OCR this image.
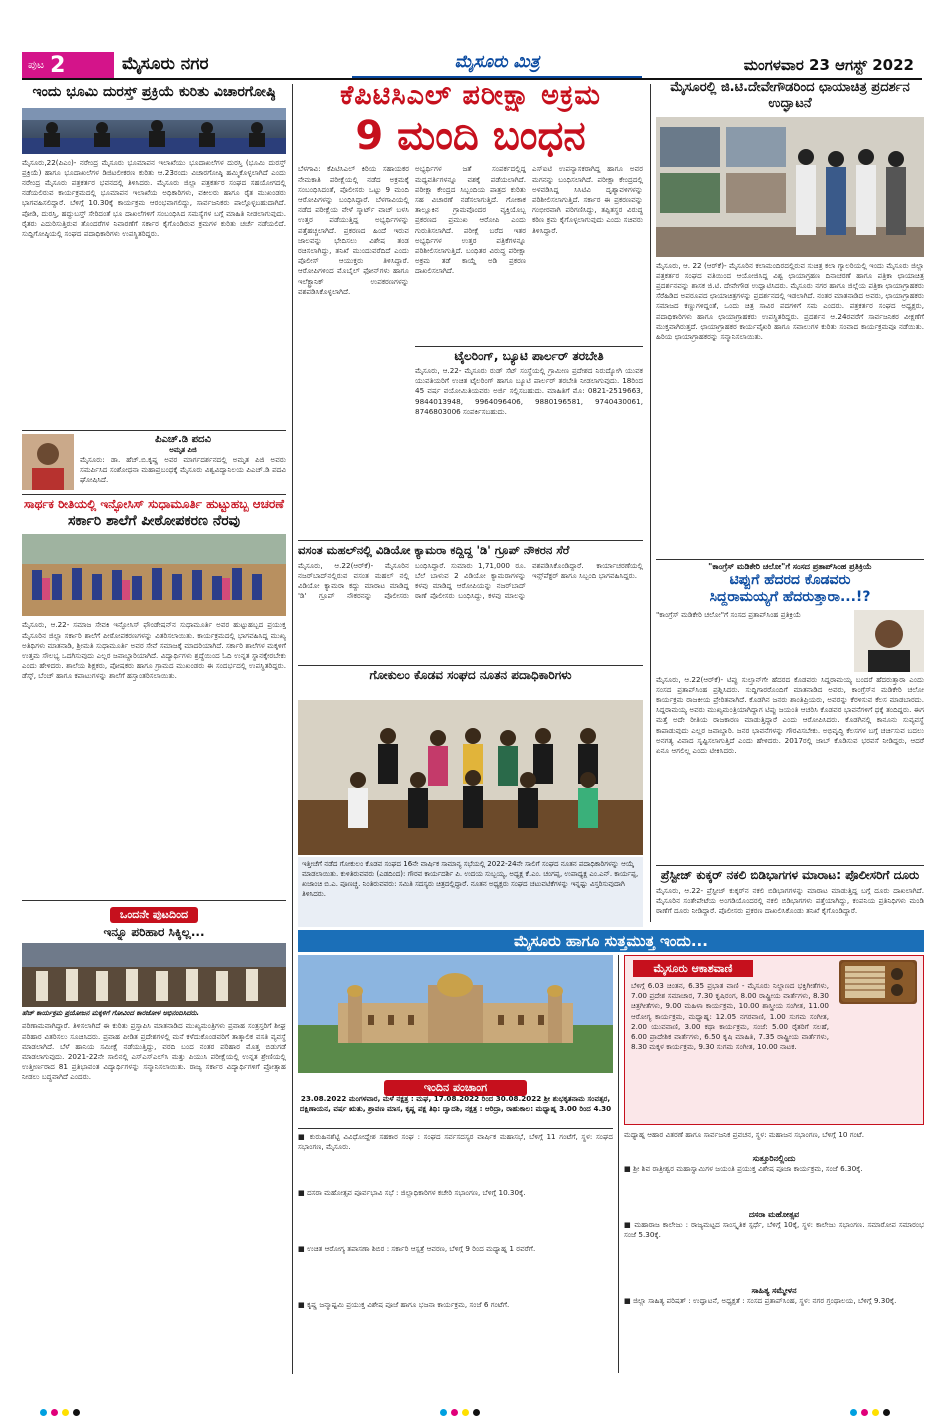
ಪುಟ 2	ಮೈಸೂರು ನಗರ	ಮೈಸೂರು ಮಿತ್ರ	ಮಂಗಳವಾರ 23 ಆಗಸ್ಟ್ 2022
ಇಂದು ಭೂಮಿ ದುರಸ್ತ್ ಪ್ರಕ್ರಿಯೆ ಕುರಿತು ವಿಚಾರಗೋಷ್ಠಿ
ಮೈಸೂರು,22(ಪಿಎಂ)- ನರೇಂದ್ರ ಮೈಸೂರು ಭೂಮಾಪನ ಇಲಾಖೆಯು ಭೂದಾಖಲೆಗಳ ದುರಸ್ತಿ (ಭೂಮಿ ದುರಸ್ತ್ ಪ್ರಕ್ರಿಯೆ) ಹಾಗೂ ಭೂದಾಖಲೆಗಳ ಡಿಜಿಟಲೀಕರಣ ಕುರಿತು ಆ.23ರಂದು ವಿಚಾರಗೋಷ್ಠಿ ಹಮ್ಮಿಕೊಳ್ಳಲಾಗಿದೆ ಎಂದು ನರೇಂದ್ರ ಮೈಸೂರು ಪತ್ರಕರ್ತರ ಭವನದಲ್ಲಿ ತಿಳಿಸಿದರು. ಮೈಸೂರು ಜಿಲ್ಲಾ ಪತ್ರಕರ್ತರ ಸಂಘದ ಸಹಯೋಗದಲ್ಲಿ ನಡೆಯಲಿರುವ ಕಾರ್ಯಕ್ರಮದಲ್ಲಿ ಭೂಮಾಪನ ಇಲಾಖೆಯ ಅಧಿಕಾರಿಗಳು, ವಕೀಲರು ಹಾಗೂ ರೈತ ಮುಖಂಡರು ಭಾಗವಹಿಸಲಿದ್ದಾರೆ. ಬೆಳಿಗ್ಗೆ 10.30ಕ್ಕೆ ಕಾರ್ಯಕ್ರಮ ಆರಂಭವಾಗಲಿದ್ದು, ಸಾರ್ವಜನಿಕರು ಪಾಲ್ಗೊಳ್ಳಬಹುದಾಗಿದೆ. ಪೋಡಿ, ದುರಸ್ತಿ, ಹದ್ದುಬಸ್ತ್ ಸೇರಿದಂತೆ ಭೂ ದಾಖಲೆಗಳಿಗೆ ಸಂಬಂಧಿಸಿದ ಸಮಸ್ಯೆಗಳ ಬಗ್ಗೆ ಮಾಹಿತಿ ನೀಡಲಾಗುವುದು. ರೈತರು ಎದುರಿಸುತ್ತಿರುವ ತೊಂದರೆಗಳ ನಿವಾರಣೆಗೆ ಸರ್ಕಾರ ಕೈಗೊಂಡಿರುವ ಕ್ರಮಗಳ ಕುರಿತು ಚರ್ಚೆ ನಡೆಯಲಿದೆ. ಸುದ್ದಿಗೋಷ್ಠಿಯಲ್ಲಿ ಸಂಘದ ಪದಾಧಿಕಾರಿಗಳು ಉಪಸ್ಥಿತರಿದ್ದರು.
ಪಿಎಚ್.ಡಿ ಪದವಿ
ಅಮೃತ ಪಿಜಿ
ಮೈಸೂರು: ಡಾ. ಹೆಚ್.ಬಿ.ಕೃಷ್ಣ ಅವರ ಮಾರ್ಗದರ್ಶನದಲ್ಲಿ ಅಮೃತ ಪಿಜಿ ಅವರು ಸಮರ್ಪಿಸಿದ ಸಂಶೋಧನಾ ಮಹಾಪ್ರಬಂಧಕ್ಕೆ ಮೈಸೂರು ವಿಶ್ವವಿದ್ಯಾನಿಲಯ ಪಿಎಚ್.ಡಿ ಪದವಿ ಘೋಷಿಸಿದೆ.
ಸಾರ್ಥಕ ರೀತಿಯಲ್ಲಿ ಇನ್ಫೋಸಿಸ್ ಸುಧಾಮೂರ್ತಿ ಹುಟ್ಟುಹಬ್ಬ ಆಚರಣೆ
ಸರ್ಕಾರಿ ಶಾಲೆಗೆ ಪೀಠೋಪಕರಣ ನೆರವು
ಮೈಸೂರು, ಆ.22- ಸಮಾಜ ಸೇವಕಿ ಇನ್ಫೋಸಿಸ್ ಫೌಂಡೇಷನ್‌ನ ಸುಧಾಮೂರ್ತಿ ಅವರ ಹುಟ್ಟುಹಬ್ಬದ ಪ್ರಯುಕ್ತ ಮೈಸೂರಿನ ಜಿಲ್ಲಾ ಸರ್ಕಾರಿ ಶಾಲೆಗೆ ಪೀಠೋಪಕರಣಗಳನ್ನು ವಿತರಿಸಲಾಯಿತು. ಕಾರ್ಯಕ್ರಮದಲ್ಲಿ ಭಾಗವಹಿಸಿದ್ದ ಮುಖ್ಯ ಅತಿಥಿಗಳು ಮಾತನಾಡಿ, ಶ್ರೀಮತಿ ಸುಧಾಮೂರ್ತಿ ಅವರ ಸೇವೆ ಸಮಾಜಕ್ಕೆ ಮಾದರಿಯಾಗಿದೆ. ಸರ್ಕಾರಿ ಶಾಲೆಗಳ ಮಕ್ಕಳಿಗೆ ಉತ್ತಮ ಸೌಲಭ್ಯ ಒದಗಿಸುವುದು ಎಲ್ಲರ ಜವಾಬ್ದಾರಿಯಾಗಿದೆ. ವಿದ್ಯಾರ್ಥಿಗಳು ಶ್ರದ್ಧೆಯಿಂದ ಓದಿ ಉನ್ನತ ಸ್ಥಾನಕ್ಕೇರಬೇಕು ಎಂದು ಹೇಳಿದರು. ಶಾಲೆಯ ಶಿಕ್ಷಕರು, ಪೋಷಕರು ಹಾಗೂ ಗ್ರಾಮದ ಮುಖಂಡರು ಈ ಸಂದರ್ಭದಲ್ಲಿ ಉಪಸ್ಥಿತರಿದ್ದರು. ಡೆಸ್ಕ್, ಬೆಂಚ್ ಹಾಗೂ ಕಪಾಟುಗಳನ್ನು ಶಾಲೆಗೆ ಹಸ್ತಾಂತರಿಸಲಾಯಿತು.
ಒಂದನೇ ಪುಟದಿಂದ
ಇನ್ನೂ ಪರಿಹಾರ ಸಿಕ್ಕಿಲ್ಲ...
ಹೆಚ್ ಕಾರ್ಯಕ್ರಮ ಪ್ರಯೋಜನ ಮಕ್ಕಳಿಗೆ ಗೋವಿಂದ ಕಾರಜೋಳ ಅಭಿನಂದಿಸಿದರು.
ಪರಿಣಾಮವಾಗಿದ್ದಾರೆ. ತಿಳಿಸಲಾಗಿದೆ ಈ ಕುರಿತು ಪ್ರಸ್ತಾಪಿಸಿ ಮಾತನಾಡಿದ ಮುಖ್ಯಮಂತ್ರಿಗಳು ಪ್ರವಾಹ ಸಂತ್ರಸ್ತರಿಗೆ ಶೀಘ್ರ ಪರಿಹಾರ ವಿತರಿಸಲು ಸೂಚಿಸಿದರು. ಪ್ರವಾಹ ಪೀಡಿತ ಪ್ರದೇಶಗಳಲ್ಲಿ ಮನೆ ಕಳೆದುಕೊಂಡವರಿಗೆ ತಾತ್ಕಾಲಿಕ ವಸತಿ ವ್ಯವಸ್ಥೆ ಮಾಡಲಾಗಿದೆ. ಬೆಳೆ ಹಾನಿಯ ಸಮೀಕ್ಷೆ ನಡೆಯುತ್ತಿದ್ದು, ವರದಿ ಬಂದ ನಂತರ ಪರಿಹಾರ ಮೊತ್ತ ಬಿಡುಗಡೆ ಮಾಡಲಾಗುವುದು. 2021-22ನೇ ಸಾಲಿನಲ್ಲಿ ಎಸ್‌ಎಸ್‌ಎಲ್‌ಸಿ ಮತ್ತು ಪಿಯುಸಿ ಪರೀಕ್ಷೆಯಲ್ಲಿ ಉನ್ನತ ಶ್ರೇಣಿಯಲ್ಲಿ ಉತ್ತೀರ್ಣರಾದ 81 ಪ್ರತಿಭಾವಂತ ವಿದ್ಯಾರ್ಥಿಗಳನ್ನು ಸನ್ಮಾನಿಸಲಾಯಿತು. ರಾಜ್ಯ ಸರ್ಕಾರ ವಿದ್ಯಾರ್ಥಿಗಳಿಗೆ ಪ್ರೋತ್ಸಾಹ ನೀಡಲು ಬದ್ಧವಾಗಿದೆ ಎಂದರು.
ಕೆಪಿಟಿಸಿಎಲ್ ಪರೀಕ್ಷಾ ಅಕ್ರಮ
9 ಮಂದಿ ಬಂಧನ
ಬೆಳಗಾವಿ: ಕೆಪಿಟಿಸಿಎಲ್ ಕಿರಿಯ ಸಹಾಯಕರ ನೇಮಕಾತಿ ಪರೀಕ್ಷೆಯಲ್ಲಿ ನಡೆದ ಅಕ್ರಮಕ್ಕೆ ಸಂಬಂಧಿಸಿದಂತೆ, ಪೊಲೀಸರು ಒಟ್ಟು 9 ಮಂದಿ ಆರೋಪಿಗಳನ್ನು ಬಂಧಿಸಿದ್ದಾರೆ. ಬೆಳಗಾವಿಯಲ್ಲಿ ನಡೆದ ಪರೀಕ್ಷೆಯ ವೇಳೆ ಸ್ಮಾರ್ಟ್ ವಾಚ್ ಬಳಸಿ ಉತ್ತರ ಪಡೆಯುತ್ತಿದ್ದ ಅಭ್ಯರ್ಥಿಗಳನ್ನು ಪತ್ತೆಹಚ್ಚಲಾಗಿದೆ. ಪ್ರಕರಣದ ಹಿಂದೆ ಇರುವ ಜಾಲವನ್ನು ಭೇದಿಸಲು ವಿಶೇಷ ತಂಡ ರಚಿಸಲಾಗಿದ್ದು, ತನಿಖೆ ಮುಂದುವರೆದಿದೆ ಎಂದು ಪೊಲೀಸ್ ಆಯುಕ್ತರು ತಿಳಿಸಿದ್ದಾರೆ. ಆರೋಪಿಗಳಿಂದ ಮೊಬೈಲ್ ಫೋನ್‌ಗಳು ಹಾಗೂ ಇಲೆಕ್ಟ್ರಾನಿಕ್ ಉಪಕರಣಗಳನ್ನು ವಶಪಡಿಸಿಕೊಳ್ಳಲಾಗಿದೆ.
ಅಭ್ಯರ್ಥಿಗಳ ಜತೆ ಸಂಪರ್ಕದಲ್ಲಿದ್ದ ಮಧ್ಯವರ್ತಿಗಳನ್ನೂ ವಶಕ್ಕೆ ಪಡೆಯಲಾಗಿದೆ. ಪರೀಕ್ಷಾ ಕೇಂದ್ರದ ಸಿಬ್ಬಂದಿಯ ಪಾತ್ರದ ಕುರಿತು ಸಹ ವಿಚಾರಣೆ ನಡೆಸಲಾಗುತ್ತಿದೆ. ಗೋಕಾಕ ತಾಲ್ಲೂಕಿನ ಗ್ರಾಮವೊಂದರ ವ್ಯಕ್ತಿಯೊಬ್ಬ ಪ್ರಕರಣದ ಪ್ರಮುಖ ಆರೋಪಿ ಎಂದು ಗುರುತಿಸಲಾಗಿದೆ. ಪರೀಕ್ಷೆ ಬರೆದ ಇತರ ಅಭ್ಯರ್ಥಿಗಳ ಉತ್ತರ ಪತ್ರಿಕೆಗಳನ್ನೂ ಪರಿಶೀಲಿಸಲಾಗುತ್ತಿದೆ. ಬಂಧಿತರ ವಿರುದ್ಧ ಪರೀಕ್ಷಾ ಅಕ್ರಮ ತಡೆ ಕಾಯ್ದೆ ಅಡಿ ಪ್ರಕರಣ ದಾಖಲಿಸಲಾಗಿದೆ.
ಎಸ್‌ಐಟಿ ಉಪನ್ಯಾಸಕರಾಗಿದ್ದ ಹಾಗೂ ಅವರ ಮಗನನ್ನು ಬಂಧಿಸಲಾಗಿದೆ. ಪರೀಕ್ಷಾ ಕೇಂದ್ರದಲ್ಲಿ ಅಳವಡಿಸಿದ್ದ ಸಿಸಿಟಿವಿ ದೃಶ್ಯಾವಳಿಗಳನ್ನು ಪರಿಶೀಲಿಸಲಾಗುತ್ತಿದೆ. ಸರ್ಕಾರ ಈ ಪ್ರಕರಣವನ್ನು ಗಂಭೀರವಾಗಿ ಪರಿಗಣಿಸಿದ್ದು, ತಪ್ಪಿತಸ್ಥರ ವಿರುದ್ಧ ಕಠಿಣ ಕ್ರಮ ಕೈಗೊಳ್ಳಲಾಗುವುದು ಎಂದು ಸಚಿವರು ತಿಳಿಸಿದ್ದಾರೆ.
ಟೈಲರಿಂಗ್, ಬ್ಯೂಟಿ ಪಾರ್ಲರ್ ತರಬೇತಿ
ಮೈಸೂರು, ಆ.22- ಮೈಸೂರು ರುಡ್ ಸೆಟ್ ಸಂಸ್ಥೆಯಲ್ಲಿ ಗ್ರಾಮೀಣ ಪ್ರದೇಶದ ನಿರುದ್ಯೋಗಿ ಯುವಕ ಯುವತಿಯರಿಗೆ ಉಚಿತ ಟೈಲರಿಂಗ್ ಹಾಗೂ ಬ್ಯೂಟಿ ಪಾರ್ಲರ್ ತರಬೇತಿ ನೀಡಲಾಗುವುದು. 18ರಿಂದ 45 ವರ್ಷ ವಯೋಮಿತಿಯವರು ಅರ್ಜಿ ಸಲ್ಲಿಸಬಹುದು. ಮಾಹಿತಿಗೆ ಮೊ: 0821-2519663, 9844013948, 9964096406, 9880196581, 9740430061, 8746803006 ಸಂಪರ್ಕಿಸಬಹುದು.
ವಸಂತ ಮಹಲ್‌ನಲ್ಲಿ ವಿಡಿಯೋ ಕ್ಯಾಮರಾ ಕದ್ದಿದ್ದ 'ಡಿ' ಗ್ರೂಪ್ ನೌಕರನ ಸೆರೆ
ಮೈಸೂರು, ಆ.22(ಆರ್‌ಕೆ)- ಮೈಸೂರಿನ ನಜರ್‌ಬಾದ್‌ನಲ್ಲಿರುವ ವಸಂತ ಮಹಲ್ ನಲ್ಲಿ ವಿಡಿಯೋ ಕ್ಯಾಮರಾ ಕದ್ದು ಮಾರಾಟ ಮಾಡಿದ್ದ 'ಡಿ' ಗ್ರೂಪ್ ನೌಕರನನ್ನು ಪೊಲೀಸರು ಬಂಧಿಸಿದ್ದಾರೆ. ಸುಮಾರು 1,71,000 ರೂ. ಬೆಲೆ ಬಾಳುವ 2 ವಿಡಿಯೋ ಕ್ಯಾಮರಾಗಳನ್ನು ಕಳವು ಮಾಡಿದ್ದ ಆರೋಪಿಯನ್ನು ನಜರ್‌ಬಾದ್ ಠಾಣೆ ಪೊಲೀಸರು ಬಂಧಿಸಿದ್ದು, ಕಳವು ಮಾಲನ್ನು ವಶಪಡಿಸಿಕೊಂಡಿದ್ದಾರೆ. ಕಾರ್ಯಾಚರಣೆಯಲ್ಲಿ ಇನ್ಸ್‌ಪೆಕ್ಟರ್ ಹಾಗೂ ಸಿಬ್ಬಂದಿ ಭಾಗವಹಿಸಿದ್ದರು.
ಗೋಕುಲಂ ಕೊಡವ ಸಂಘದ ನೂತನ ಪದಾಧಿಕಾರಿಗಳು
ಇತ್ತೀಚೆಗೆ ನಡೆದ ಗೋಕುಲಂ ಕೊಡವ ಸಂಘದ 16ನೇ ವಾರ್ಷಿಕ ಸಾಮಾನ್ಯ ಸಭೆಯಲ್ಲಿ 2022-24ನೇ ಸಾಲಿಗೆ ಸಂಘದ ನೂತನ ಪದಾಧಿಕಾರಿಗಳನ್ನು ಆಯ್ಕೆ ಮಾಡಲಾಯಿತು. ಕುಳಿತಿರುವವರು (ಎಡದಿಂದ): ಗೌರವ ಕಾರ್ಯದರ್ಶಿ ಪಿ. ಉದಯ ಸುಬ್ಬಯ್ಯ, ಅಧ್ಯಕ್ಷ ಕೆ.ಎಂ. ಚಂಗಪ್ಪ, ಉಪಾಧ್ಯಕ್ಷ ಎಂ.ಎನ್. ಕಾರ್ಯಪ್ಪ, ಖಜಾಂಚಿ ಬಿ.ಎ. ಪೂಣಚ್ಚ. ನಿಂತಿರುವವರು: ಸಮಿತಿ ಸದಸ್ಯರು ಚಿತ್ರದಲ್ಲಿದ್ದಾರೆ. ನೂತನ ಅಧ್ಯಕ್ಷರು ಸಂಘದ ಚಟುವಟಿಕೆಗಳನ್ನು ಇನ್ನಷ್ಟು ವಿಸ್ತರಿಸುವುದಾಗಿ ತಿಳಿಸಿದರು.
ಮೈಸೂರಲ್ಲಿ ಜಿ.ಟಿ.ದೇವೇಗೌಡರಿಂದ ಛಾಯಾಚಿತ್ರ ಪ್ರದರ್ಶನ ಉದ್ಘಾಟನೆ
ಮೈಸೂರು, ಆ. 22 (ಆರ್‌ಕೆ)- ಮೈಸೂರಿನ ಕಲಾಮಂದಿರದಲ್ಲಿರುವ ಸುಚಿತ್ರ ಕಲಾ ಗ್ಯಾಲರಿಯಲ್ಲಿ ಇಂದು ಮೈಸೂರು ಜಿಲ್ಲಾ ಪತ್ರಕರ್ತರ ಸಂಘದ ವತಿಯಿಂದ ಆಯೋಜಿಸಿದ್ದ ವಿಶ್ವ ಛಾಯಾಗ್ರಹಣ ದಿನಾಚರಣೆ ಹಾಗೂ ಪತ್ರಿಕಾ ಛಾಯಾಚಿತ್ರ ಪ್ರದರ್ಶನವನ್ನು ಶಾಸಕ ಜಿ.ಟಿ. ದೇವೇಗೌಡ ಉದ್ಘಾಟಿಸಿದರು. ಮೈಸೂರು ನಗರ ಹಾಗೂ ಜಿಲ್ಲೆಯ ಪತ್ರಿಕಾ ಛಾಯಾಗ್ರಾಹಕರು ಸೆರೆಹಿಡಿದ ಅಪರೂಪದ ಛಾಯಾಚಿತ್ರಗಳನ್ನು ಪ್ರದರ್ಶನದಲ್ಲಿ ಇಡಲಾಗಿದೆ. ನಂತರ ಮಾತನಾಡಿದ ಅವರು, ಛಾಯಾಗ್ರಾಹಕರು ಸಮಾಜದ ಕಣ್ಣುಗಳಿದ್ದಂತೆ, ಒಂದು ಚಿತ್ರ ಸಾವಿರ ಪದಗಳಿಗೆ ಸಮ ಎಂದರು. ಪತ್ರಕರ್ತರ ಸಂಘದ ಅಧ್ಯಕ್ಷರು, ಪದಾಧಿಕಾರಿಗಳು ಹಾಗೂ ಛಾಯಾಗ್ರಾಹಕರು ಉಪಸ್ಥಿತರಿದ್ದರು. ಪ್ರದರ್ಶನ ಆ.24ರವರೆಗೆ ಸಾರ್ವಜನಿಕರ ವೀಕ್ಷಣೆಗೆ ಮುಕ್ತವಾಗಿರುತ್ತದೆ. ಛಾಯಾಗ್ರಾಹಕರ ಕಾರ್ಯವೈಖರಿ ಹಾಗೂ ಸವಾಲುಗಳ ಕುರಿತು ಸಂವಾದ ಕಾರ್ಯಕ್ರಮವೂ ನಡೆಯಿತು. ಹಿರಿಯ ಛಾಯಾಗ್ರಾಹಕರನ್ನು ಸನ್ಮಾನಿಸಲಾಯಿತು.
"ಕಾಂಗ್ರೆಸ್ ಮಡಿಕೇರಿ ಚಲೋ"ಗೆ ಸಂಸದ ಪ್ರತಾಪ್‌ಸಿಂಹ ಪ್ರತಿಕ್ರಿಯೆ
ಟಿಪ್ಪುಗೆ ಹೆದರದ ಕೊಡವರು
ಸಿದ್ದರಾಮಯ್ಯಗೆ ಹೆದರುತ್ತಾರಾ...!?
"ಕಾಂಗ್ರೆಸ್ ಮಡಿಕೇರಿ ಚಲೋ"ಗೆ ಸಂಸದ ಪ್ರತಾಪ್‌ಸಿಂಹ ಪ್ರತಿಕ್ರಿಯೆ
ಮೈಸೂರು, ಆ.22(ಆರ್‌ಕೆ)- ಟಿಪ್ಪು ಸುಲ್ತಾನ್‌ಗೇ ಹೆದರದ ಕೊಡವರು ಸಿದ್ದರಾಮಯ್ಯ ಬಂದರೆ ಹೆದರುತ್ತಾರಾ ಎಂದು ಸಂಸದ ಪ್ರತಾಪ್‌ಸಿಂಹ ಪ್ರಶ್ನಿಸಿದರು. ಸುದ್ದಿಗಾರರೊಂದಿಗೆ ಮಾತನಾಡಿದ ಅವರು, ಕಾಂಗ್ರೆಸ್‌ನ ಮಡಿಕೇರಿ ಚಲೋ ಕಾರ್ಯಕ್ರಮ ರಾಜಕೀಯ ಪ್ರೇರಿತವಾಗಿದೆ. ಕೊಡಗಿನ ಜನರು ಶಾಂತಿಪ್ರಿಯರು, ಅವರನ್ನು ಕೆರಳಿಸುವ ಕೆಲಸ ಮಾಡಬಾರದು. ಸಿದ್ದರಾಮಯ್ಯ ಅವರು ಮುಖ್ಯಮಂತ್ರಿಯಾಗಿದ್ದಾಗ ಟಿಪ್ಪು ಜಯಂತಿ ಆಚರಿಸಿ ಕೊಡವರ ಭಾವನೆಗಳಿಗೆ ಧಕ್ಕೆ ತಂದಿದ್ದರು. ಈಗ ಮತ್ತೆ ಅದೇ ರೀತಿಯ ರಾಜಕಾರಣ ಮಾಡುತ್ತಿದ್ದಾರೆ ಎಂದು ಆರೋಪಿಸಿದರು. ಕೊಡಗಿನಲ್ಲಿ ಕಾನೂನು ಸುವ್ಯವಸ್ಥೆ ಕಾಪಾಡುವುದು ಎಲ್ಲರ ಜವಾಬ್ದಾರಿ. ಜನರ ಭಾವನೆಗಳನ್ನು ಗೌರವಿಸಬೇಕು. ಅಭಿವೃದ್ಧಿ ಕೆಲಸಗಳ ಬಗ್ಗೆ ಚರ್ಚಿಸುವ ಬದಲು ಅನಗತ್ಯ ವಿವಾದ ಸೃಷ್ಟಿಸಲಾಗುತ್ತಿದೆ ಎಂದು ಹೇಳಿದರು. 2017ರಲ್ಲಿ ಜಾಬ್ ಕೊಡಿಸುವ ಭರವಸೆ ನೀಡಿದ್ದರು, ಆದರೆ ಏನೂ ಆಗಲಿಲ್ಲ ಎಂದು ಟೀಕಿಸಿದರು.
ಪ್ರೆಸ್ಟೀಜ್ ಕುಕ್ಕರ್ ನಕಲಿ ಬಿಡಿಭಾಗಗಳ ಮಾರಾಟ: ಪೊಲೀಸರಿಗೆ ದೂರು
ಮೈಸೂರು, ಆ.22- ಪ್ರೆಸ್ಟೀಜ್ ಕುಕ್ಕರ್‌ನ ನಕಲಿ ಬಿಡಿಭಾಗಗಳನ್ನು ಮಾರಾಟ ಮಾಡುತ್ತಿದ್ದ ಬಗ್ಗೆ ದೂರು ದಾಖಲಾಗಿದೆ. ಮೈಸೂರಿನ ಸಂತೇಪೇಟೆಯ ಅಂಗಡಿಯೊಂದರಲ್ಲಿ ನಕಲಿ ಬಿಡಿಭಾಗಗಳು ಪತ್ತೆಯಾಗಿದ್ದು, ಕಂಪನಿಯ ಪ್ರತಿನಿಧಿಗಳು ಮಂಡಿ ಠಾಣೆಗೆ ದೂರು ನೀಡಿದ್ದಾರೆ. ಪೊಲೀಸರು ಪ್ರಕರಣ ದಾಖಲಿಸಿಕೊಂಡು ತನಿಖೆ ಕೈಗೊಂಡಿದ್ದಾರೆ.
ಮೈಸೂರು ಹಾಗೂ ಸುತ್ತಮುತ್ತ ಇಂದು...
ಇಂದಿನ ಪಂಚಾಂಗ
23.08.2022 ಮಂಗಳವಾರ, ಮಳೆ ನಕ್ಷತ್ರ : ಮಘ, 17.08.2022 ರಿಂದ 30.08.2022 ಶ್ರೀ ಶುಭಕೃತನಾಮ ಸಂವತ್ಸರ, ದಕ್ಷಿಣಾಯನ, ವರ್ಷ ಋತು, ಶ್ರಾವಣ ಮಾಸ, ಕೃಷ್ಣ ಪಕ್ಷ ತಿಥಿ: ದ್ವಾದಶಿ, ನಕ್ಷತ್ರ : ಆರಿದ್ರಾ, ರಾಹುಕಾಲ: ಮಧ್ಯಾಹ್ನ 3.00 ರಿಂದ 4.30
■ ಕುರುಹಿನಶೆಟ್ಟಿ ವಿವಿಧೋದ್ದೇಶ ಸಹಕಾರ ಸಂಘ : ಸಂಘದ ಸರ್ವಸದಸ್ಯರ ವಾರ್ಷಿಕ ಮಹಾಸಭೆ, ಬೆಳಿಗ್ಗೆ 11 ಗಂಟೆಗೆ, ಸ್ಥಳ: ಸಂಘದ ಸಭಾಂಗಣ, ಮೈಸೂರು.
■ ದಸರಾ ಮಹೋತ್ಸವ ಪೂರ್ವಭಾವಿ ಸಭೆ : ಜಿಲ್ಲಾಧಿಕಾರಿಗಳ ಕಚೇರಿ ಸಭಾಂಗಣ, ಬೆಳಿಗ್ಗೆ 10.30ಕ್ಕೆ.
■ ಉಚಿತ ಆರೋಗ್ಯ ತಪಾಸಣಾ ಶಿಬಿರ : ಸರ್ಕಾರಿ ಆಸ್ಪತ್ರೆ ಆವರಣ, ಬೆಳಿಗ್ಗೆ 9 ರಿಂದ ಮಧ್ಯಾಹ್ನ 1 ರವರೆಗೆ.
■ ಕೃಷ್ಣ ಜನ್ಮಾಷ್ಟಮಿ ಪ್ರಯುಕ್ತ ವಿಶೇಷ ಪೂಜೆ ಹಾಗೂ ಭಜನಾ ಕಾರ್ಯಕ್ರಮ, ಸಂಜೆ 6 ಗಂಟೆಗೆ.
ಮೈಸೂರು ಆಕಾಶವಾಣಿ
ಬೆಳಿಗ್ಗೆ 6.03 ಚಿಂತನ, 6.35 ಪ್ರಭಾತ ವಾಣಿ - ಮೈಸೂರು ನಿಲ್ದಾಣದ ಭಕ್ತಿಗೀತೆಗಳು, 7.00 ಪ್ರದೇಶ ಸಮಾಚಾರ, 7.30 ಕೃಷಿರಂಗ, 8.00 ರಾಷ್ಟ್ರೀಯ ವಾರ್ತೆಗಳು, 8.30 ಚಿತ್ರಗೀತೆಗಳು, 9.00 ಮಹಿಳಾ ಕಾರ್ಯಕ್ರಮ, 10.00 ಶಾಸ್ತ್ರೀಯ ಸಂಗೀತ, 11.00 ಆರೋಗ್ಯ ಕಾರ್ಯಕ್ರಮ, ಮಧ್ಯಾಹ್ನ: 12.05 ನಗರವಾಣಿ, 1.00 ಸುಗಮ ಸಂಗೀತ, 2.00 ಯುವವಾಣಿ, 3.00 ಕಥಾ ಕಾರ್ಯಕ್ರಮ, ಸಂಜೆ: 5.00 ರೈತರಿಗೆ ಸಲಹೆ, 6.00 ಪ್ರಾದೇಶಿಕ ವಾರ್ತೆಗಳು, 6.50 ಕೃಷಿ ಮಾಹಿತಿ, 7.35 ರಾಷ್ಟ್ರೀಯ ವಾರ್ತೆಗಳು, 8.30 ಮಕ್ಕಳ ಕಾರ್ಯಕ್ರಮ, 9.30 ಸುಗಮ ಸಂಗೀತ, 10.00 ನಾಟಕ.
ಮಧ್ಯಾಹ್ನ ಆಹಾರ ವಿತರಣೆ ಹಾಗೂ ಸಾರ್ವಜನಿಕ ಪ್ರವಚನ, ಸ್ಥಳ: ಮಹಾಜನ ಸಭಾಂಗಣ, ಬೆಳಿಗ್ಗೆ 10 ಗಂಟೆ.
ಸುತ್ತೂರಿನಲ್ಲಿಂದು
■ ಶ್ರೀ ಶಿವ ರಾತ್ರೀಶ್ವರ ಮಹಾಸ್ವಾಮಿಗಳ ಜಯಂತಿ ಪ್ರಯುಕ್ತ ವಿಶೇಷ ಪೂಜಾ ಕಾರ್ಯಕ್ರಮ, ಸಂಜೆ 6.30ಕ್ಕೆ.
ದಸರಾ ಮಹೋತ್ಸವ
■ ಮಹಾರಾಜ ಕಾಲೇಜು : ರಾಜ್ಯಮಟ್ಟದ ಸಾಂಸ್ಕೃತಿಕ ಸ್ಪರ್ಧೆ, ಬೆಳಿಗ್ಗೆ 10ಕ್ಕೆ, ಸ್ಥಳ: ಕಾಲೇಜು ಸಭಾಂಗಣ. ಸಮಾರೋಪ ಸಮಾರಂಭ ಸಂಜೆ 5.30ಕ್ಕೆ.
ಸಾಹಿತ್ಯ ಸಮ್ಮೇಳನ
■ ಜಿಲ್ಲಾ ಸಾಹಿತ್ಯ ಪರಿಷತ್ : ಉದ್ಘಾಟನೆ, ಅಧ್ಯಕ್ಷತೆ : ಸಂಸದ ಪ್ರತಾಪ್‌ಸಿಂಹ, ಸ್ಥಳ: ನಗರ ಗ್ರಂಥಾಲಯ, ಬೆಳಿಗ್ಗೆ 9.30ಕ್ಕೆ.
